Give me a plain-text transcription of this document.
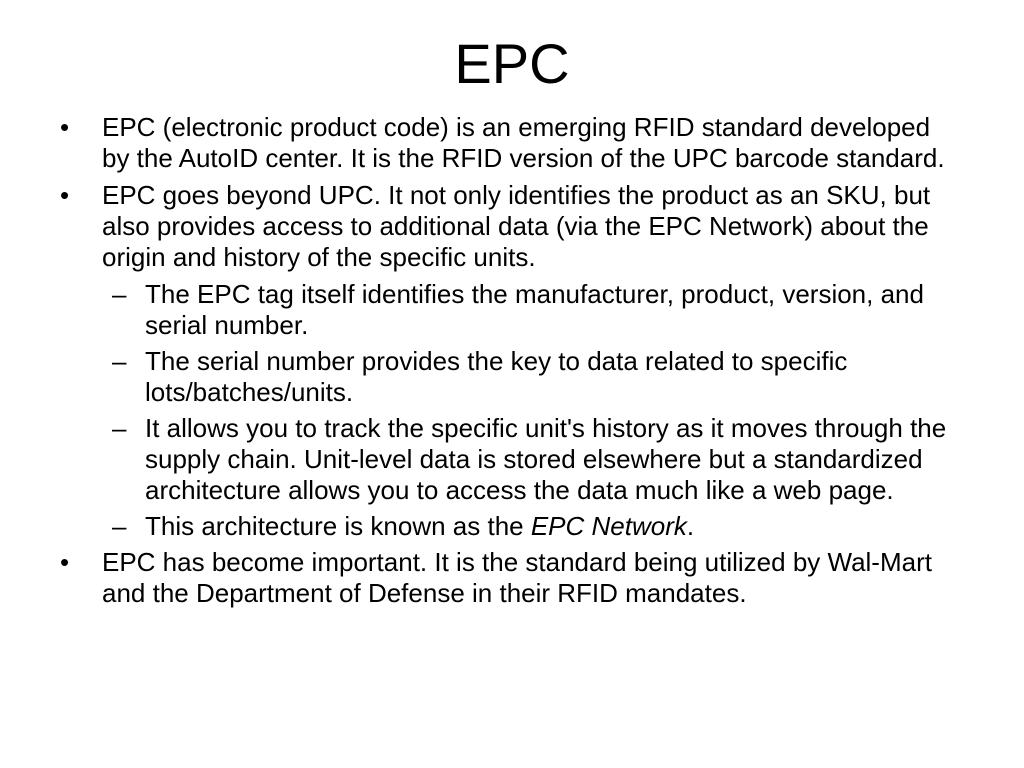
EPC
•	EPC (electronic product code) is an emerging RFID standard developed by the AutoID center. It is the RFID version of the UPC barcode standard.
•	EPC goes beyond UPC. It not only identifies the product as an SKU, but also provides access to additional data (via the EPC Network) about the origin and history of the specific units.
– The EPC tag itself identifies the manufacturer, product, version, and serial number.
– The serial number provides the key to data related to specific lots/batches/units.
– It allows you to track the specific unit's history as it moves through the supply chain. Unit-level data is stored elsewhere but a standardized architecture allows you to access the data much like a web page.
– This architecture is known as the EPC Network.
•	EPC has become important. It is the standard being utilized by Wal-Mart and the Department of Defense in their RFID mandates.
